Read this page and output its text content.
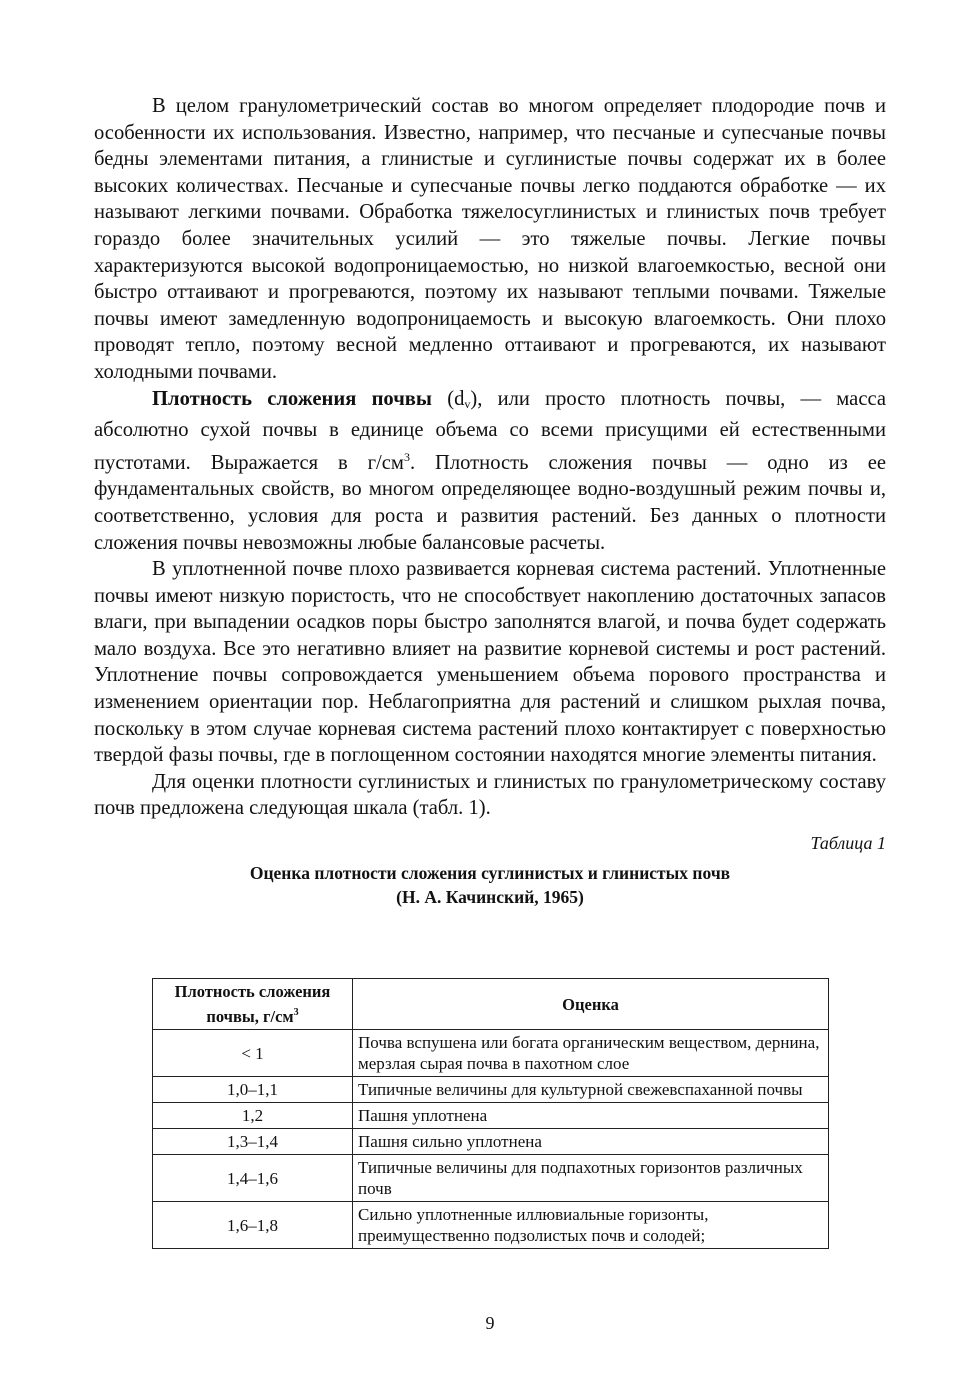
В целом гранулометрический состав во многом определяет плодородие почв и особенности их использования. Известно, например, что песчаные и супесчаные почвы бедны элементами питания, а глинистые и суглинистые почвы содержат их в более высоких количествах. Песчаные и супесчаные почвы легко поддаются обработке — их называют легкими почвами. Обработка тяжелосуглинистых и глинистых почв требует гораздо более значительных усилий — это тяжелые почвы. Легкие почвы характеризуются высокой водопроницаемостью, но низкой влагоемкостью, весной они быстро оттаивают и прогреваются, поэтому их называют теплыми почвами. Тяжелые почвы имеют замедленную водопроницаемость и высокую влагоемкость. Они плохо проводят тепло, поэтому весной медленно оттаивают и прогреваются, их называют холодными почвами.

Плотность сложения почвы $(d_v)$, или просто плотность почвы, — масса абсолютно сухой почвы в единице объема со всеми присущими ей естественными пустотами. Выражается в $г/см^3$. Плотность сложения почвы — одно из ее фундаментальных свойств, во многом определяющее водно-воздушный режим почвы и, соответственно, условия для роста и развития растений. Без данных о плотности сложения почвы невозможны любые балансовые расчеты.

В уплотненной почве плохо развивается корневая система растений. Уплотненные почвы имеют низкую пористость, что не способствует накоплению достаточных запасов влаги, при выпадении осадков поры быстро заполнятся влагой, и почва будет содержать мало воздуха. Все это негативно влияет на развитие корневой системы и рост растений. Уплотнение почвы сопровождается уменьшением объема порового пространства и изменением ориентации пор. Неблагоприятна для растений и слишком рыхлая почва, поскольку в этом случае корневая система растений плохо контактирует с поверхностью твердой фазы почвы, где в поглощенном состоянии находятся многие элементы питания.

Для оценки плотности суглинистых и глинистых по гранулометрическому составу почв предложена следующая шкала (табл. 1).

Таблица 1
Оценка плотности сложения суглинистых и глинистых почв
(Н. А. Качинский, 1965)
Плотность сложения
почвы, $г/см^3$	Оценка
< 1	Почва вспушена или богата органическим веществом, дернина, мерзлая сырая почва в пахотном слое
1,0–1,1	Типичные величины для культурной свежевспаханной почвы
1,2	Пашня уплотнена
1,3–1,4	Пашня сильно уплотнена
1,4–1,6	Типичные величины для подпахотных горизонтов различных почв
1,6–1,8	Сильно уплотненные иллювиальные горизонты, преимущественно подзолистых почв и солодей;
9
